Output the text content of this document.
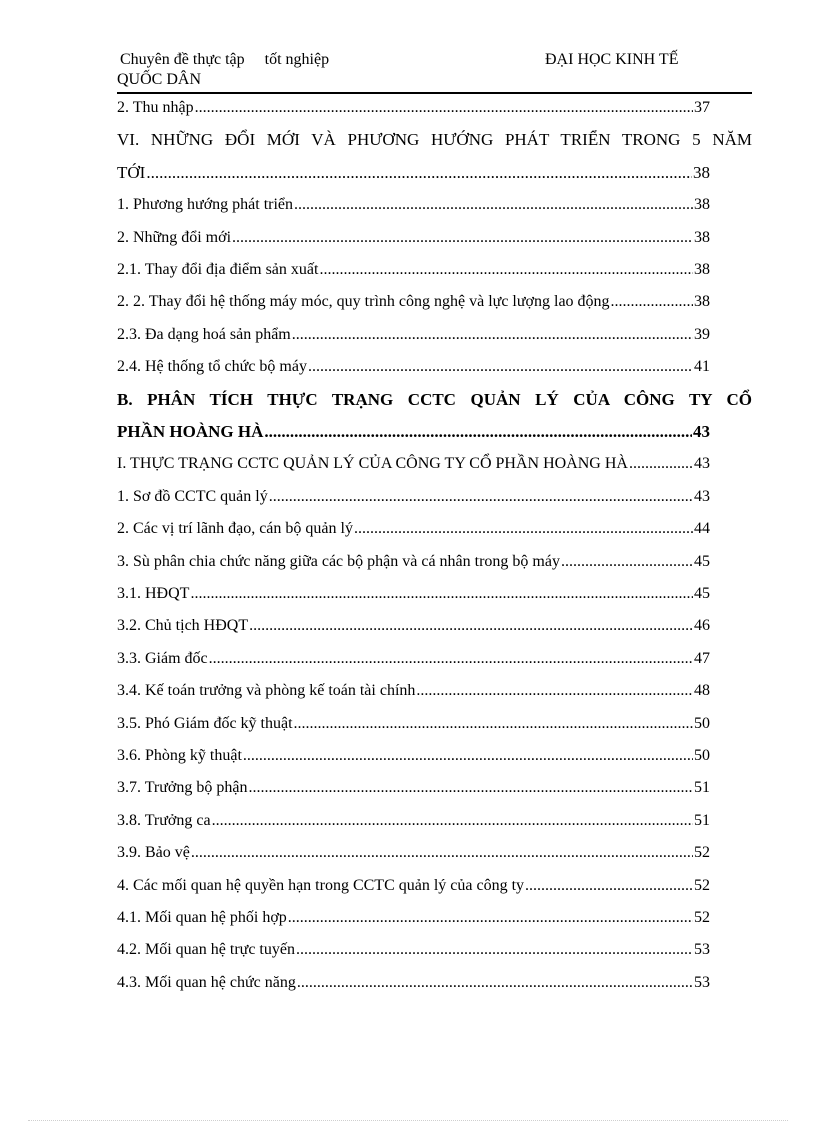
Chuyên đề thực tập     tốt nghiệp	ĐẠI HỌC KINH TẾ
QUỐC DÂN
2. Thu nhập .....	37
VI. NHỮNG ĐỔI MỚI VÀ PHƯƠNG HƯỚNG PHÁT TRIỂN TRONG 5 NĂM
TỚI .....	38
1. Phương hướng phát triển .....	38
2. Những đổi mới .....	38
2.1. Thay đổi địa điểm sản xuất .....	38
2. 2. Thay đổi hệ thống máy móc, quy trình công nghệ và lực lượng lao động .....	38
2.3. Đa dạng hoá sản phẩm .....	39
2.4. Hệ thống tổ chức bộ máy .....	41
B. PHÂN TÍCH THỰC TRẠNG CCTC QUẢN LÝ CỦA CÔNG TY CỔ
PHẦN HOÀNG HÀ .....	43
I. THỰC TRẠNG CCTC QUẢN LÝ CỦA CÔNG TY CỔ PHẦN HOÀNG HÀ .....	43
1. Sơ đồ CCTC quản lý .....	43
2. Các vị trí lãnh đạo, cán bộ quản lý .....	44
3. Sù phân chia chức năng giữa các bộ phận và cá nhân trong bộ máy .....	45
3.1. HĐQT .....	45
3.2. Chủ tịch HĐQT .....	46
3.3. Giám đốc .....	47
3.4. Kế toán trưởng và phòng kế toán tài chính .....	48
3.5. Phó Giám đốc kỹ thuật .....	50
3.6. Phòng kỹ thuật .....	50
3.7. Trưởng bộ phận .....	51
3.8. Trưởng ca .....	51
3.9. Bảo vệ .....	52
4. Các mối quan hệ quyền hạn trong CCTC quản lý của công ty .....	52
4.1. Mối quan hệ phối hợp .....	52
4.2. Mối quan hệ trực tuyến .....	53
4.3. Mối quan hệ chức năng .....	53
